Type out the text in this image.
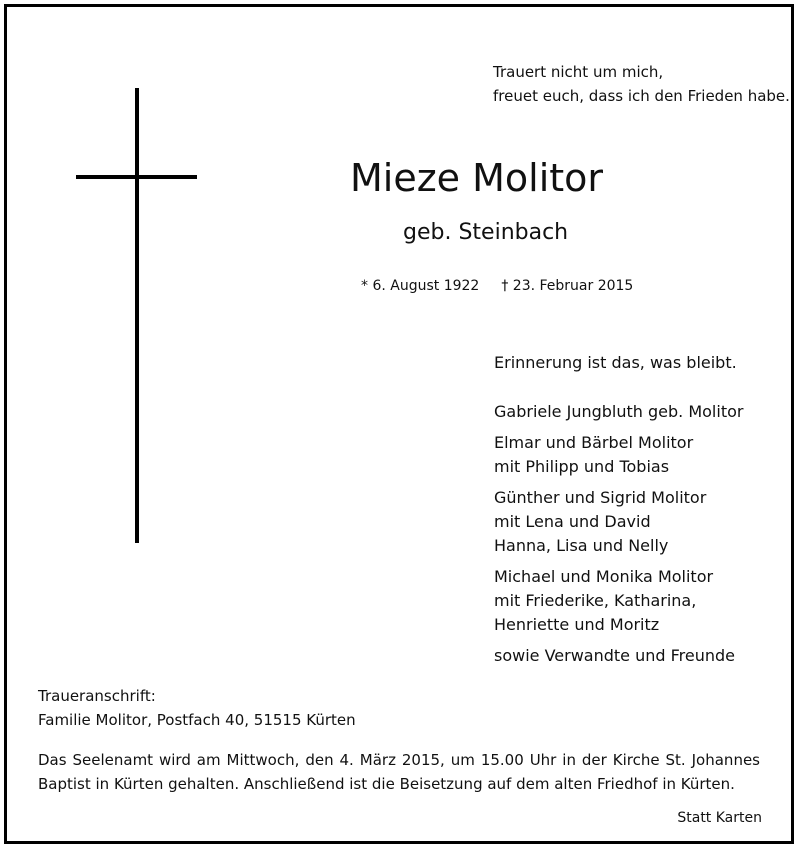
Trauert nicht um mich,
freuet euch, dass ich den Frieden habe.
Mieze Molitor
geb. Steinbach
* 6. August 1922 † 23. Februar 2015
Erinnerung ist das, was bleibt.
Gabriele Jungbluth geb. Molitor
Elmar und Bärbel Molitor
mit Philipp und Tobias
Günther und Sigrid Molitor
mit Lena und David
Hanna, Lisa und Nelly
Michael und Monika Molitor
mit Friederike, Katharina,
Henriette und Moritz
sowie Verwandte und Freunde
Traueranschrift:
Familie Molitor, Postfach 40, 51515 Kürten
Das Seelenamt wird am Mittwoch, den 4. März 2015, um 15.00 Uhr in der Kirche St. Johannes Baptist in Kürten gehalten. Anschließend ist die Beisetzung auf dem alten Friedhof in Kürten.
Statt Karten
